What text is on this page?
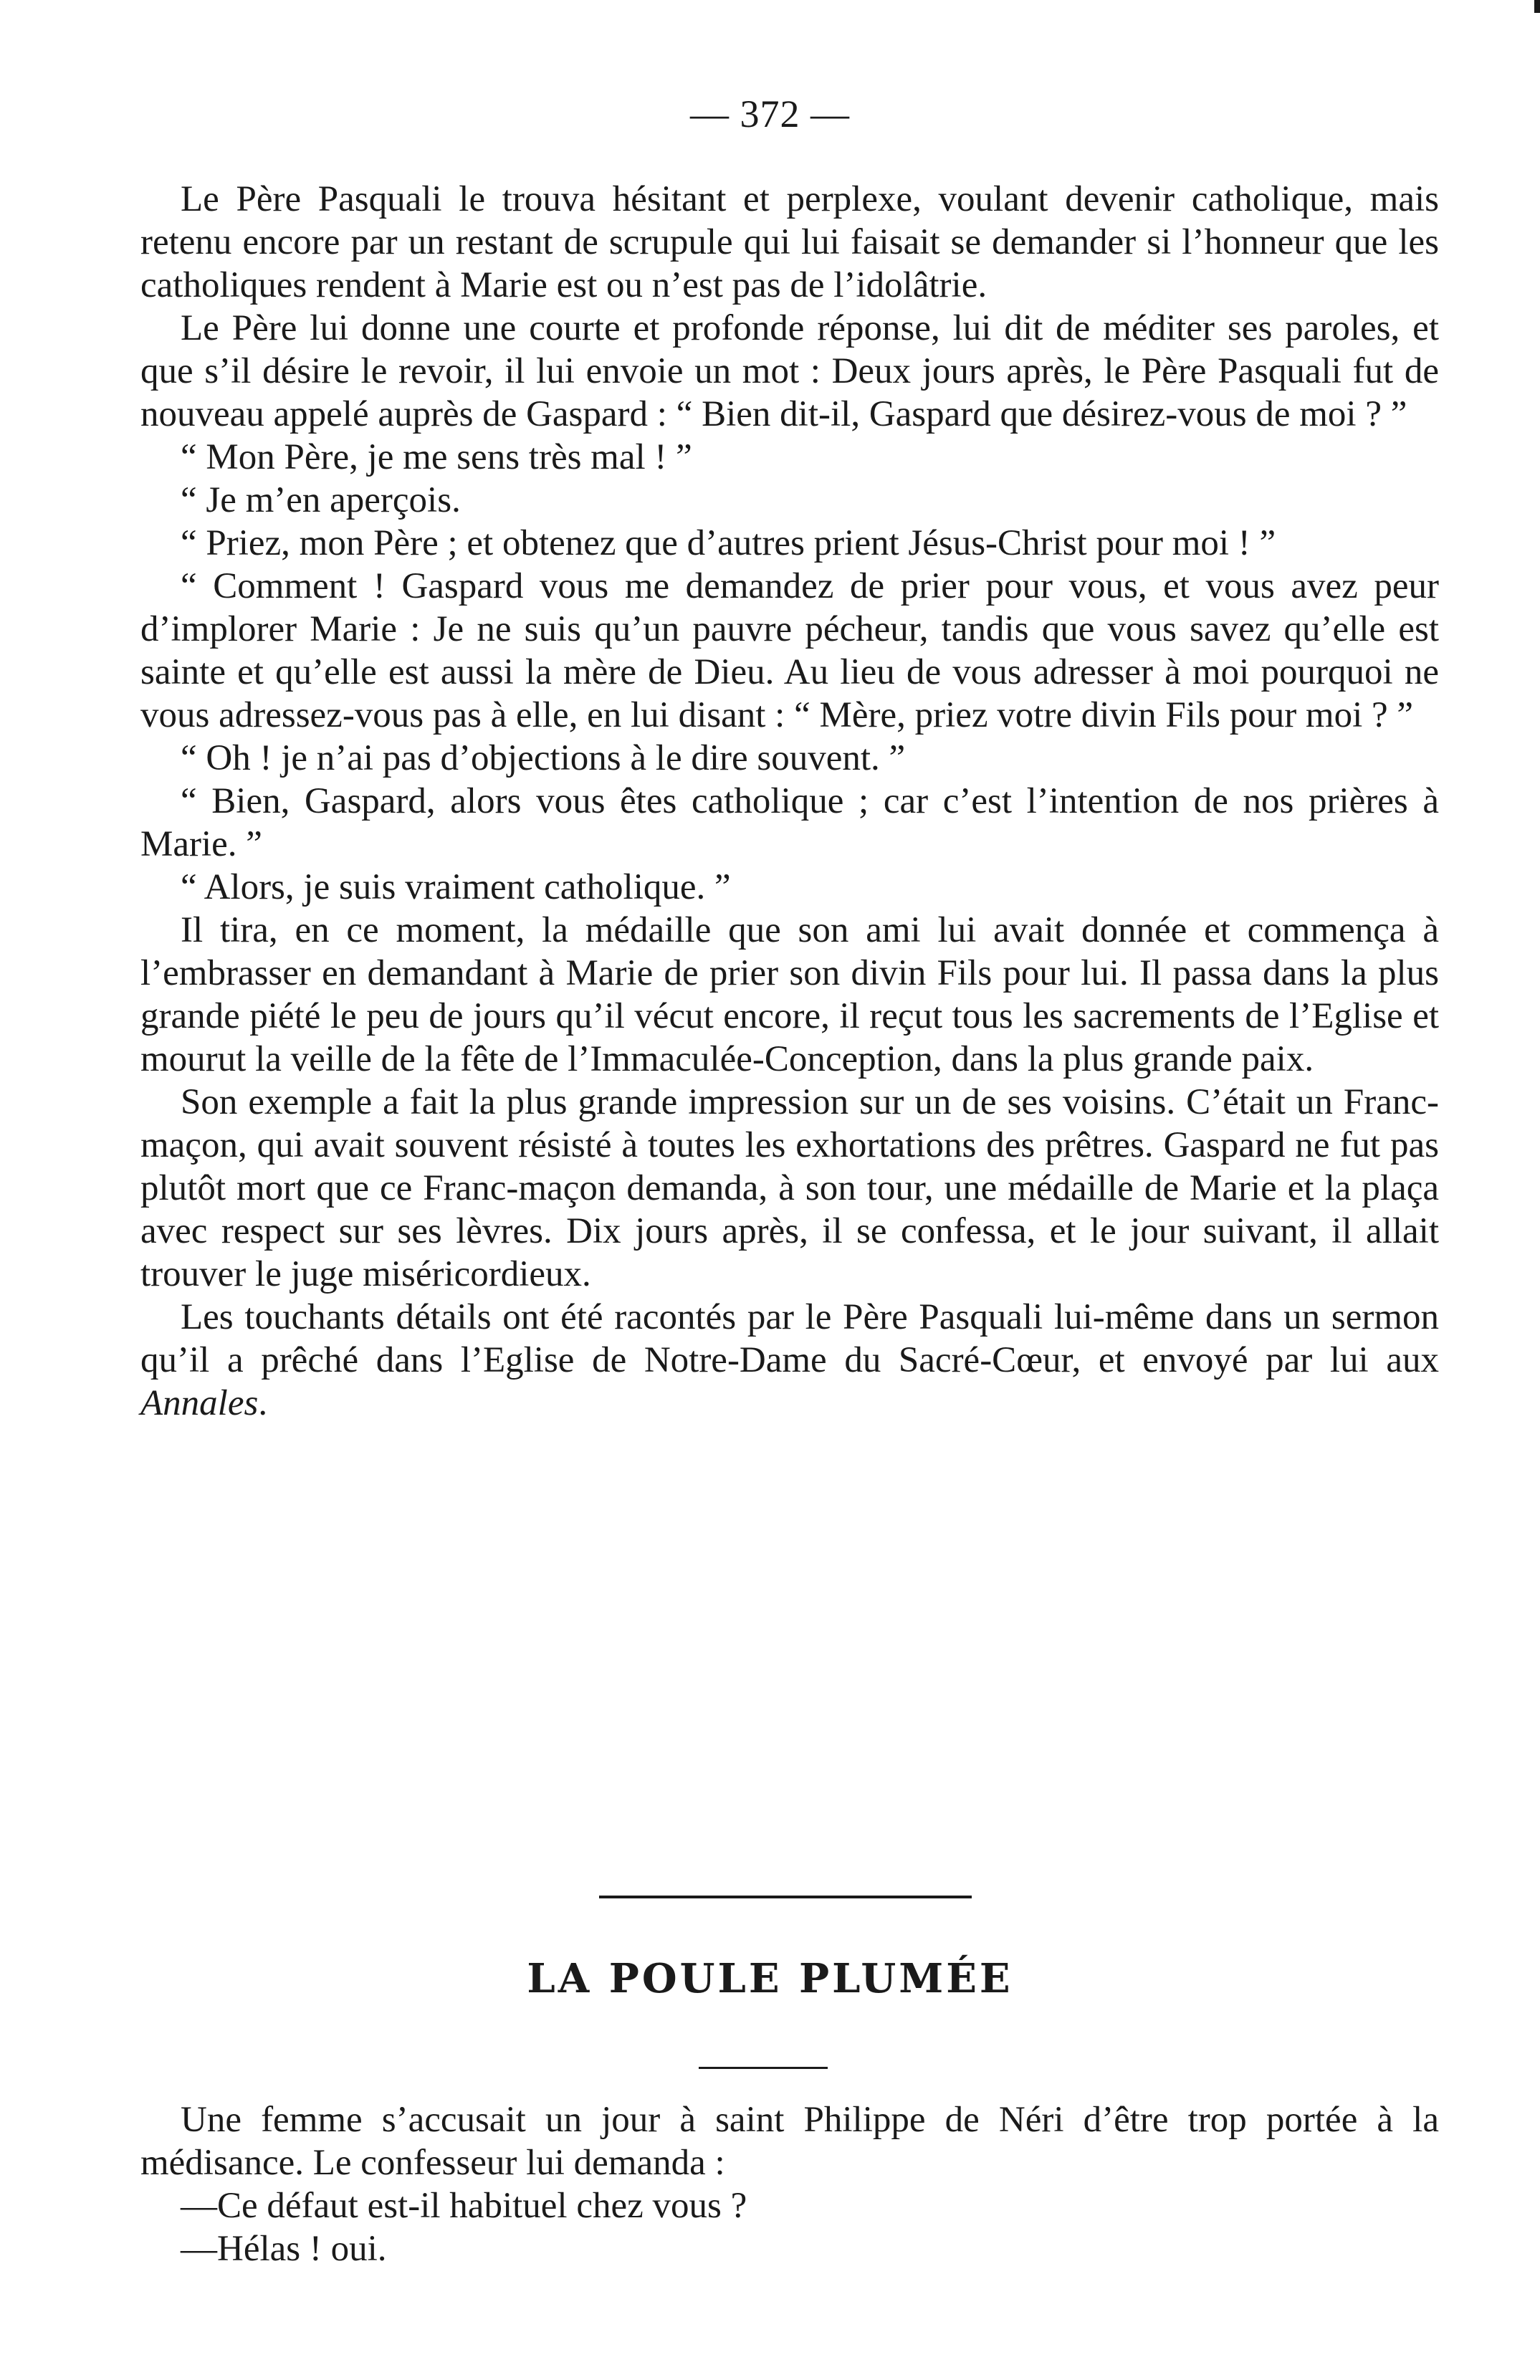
— 372 —

Le Père Pasquali le trouva hésitant et perplexe, voulant devenir catholique, mais retenu encore par un restant de scrupule qui lui faisait se demander si l’honneur que les catholiques rendent à Marie est ou n’est pas de l’idolâtrie.

Le Père lui donne une courte et profonde réponse, lui dit de méditer ses paroles, et que s’il désire le revoir, il lui envoie un mot : Deux jours après, le Père Pasquali fut de nouveau appelé auprès de Gaspard : “ Bien dit-il, Gaspard que désirez-vous de moi ? ”

“ Mon Père, je me sens très mal ! ”

“ Je m’en aperçois.

“ Priez, mon Père ; et obtenez que d’autres prient Jésus-Christ pour moi ! ”

“ Comment ! Gaspard vous me demandez de prier pour vous, et vous avez peur d’implorer Marie : Je ne suis qu’un pauvre pécheur, tandis que vous savez qu’elle est sainte et qu’elle est aussi la mère de Dieu. Au lieu de vous adresser à moi pourquoi ne vous adressez-vous pas à elle, en lui disant : “ Mère, priez votre divin Fils pour moi ? ”

“ Oh ! je n’ai pas d’objections à le dire souvent. ”

“ Bien, Gaspard, alors vous êtes catholique ; car c’est l’intention de nos prières à Marie. ”

“ Alors, je suis vraiment catholique. ”

Il tira, en ce moment, la médaille que son ami lui avait donnée et commença à l’embrasser en demandant à Marie de prier son divin Fils pour lui. Il passa dans la plus grande piété le peu de jours qu’il vécut encore, il reçut tous les sacrements de l’Eglise et mourut la veille de la fête de l’Immaculée-Conception, dans la plus grande paix.

Son exemple a fait la plus grande impression sur un de ses voisins. C’était un Franc-maçon, qui avait souvent résisté à toutes les exhortations des prêtres. Gaspard ne fut pas plutôt mort que ce Franc-maçon demanda, à son tour, une médaille de Marie et la plaça avec respect sur ses lèvres. Dix jours après, il se confessa, et le jour suivant, il allait trouver le juge miséricordieux.

Les touchants détails ont été racontés par le Père Pasquali lui-même dans un sermon qu’il a prêché dans l’Eglise de Notre-Dame du Sacré-Cœur, et envoyé par lui aux Annales.

LA POULE PLUMÉE

Une femme s’accusait un jour à saint Philippe de Néri d’être trop portée à la médisance. Le confesseur lui demanda :

—Ce défaut est-il habituel chez vous ?

—Hélas ! oui.
